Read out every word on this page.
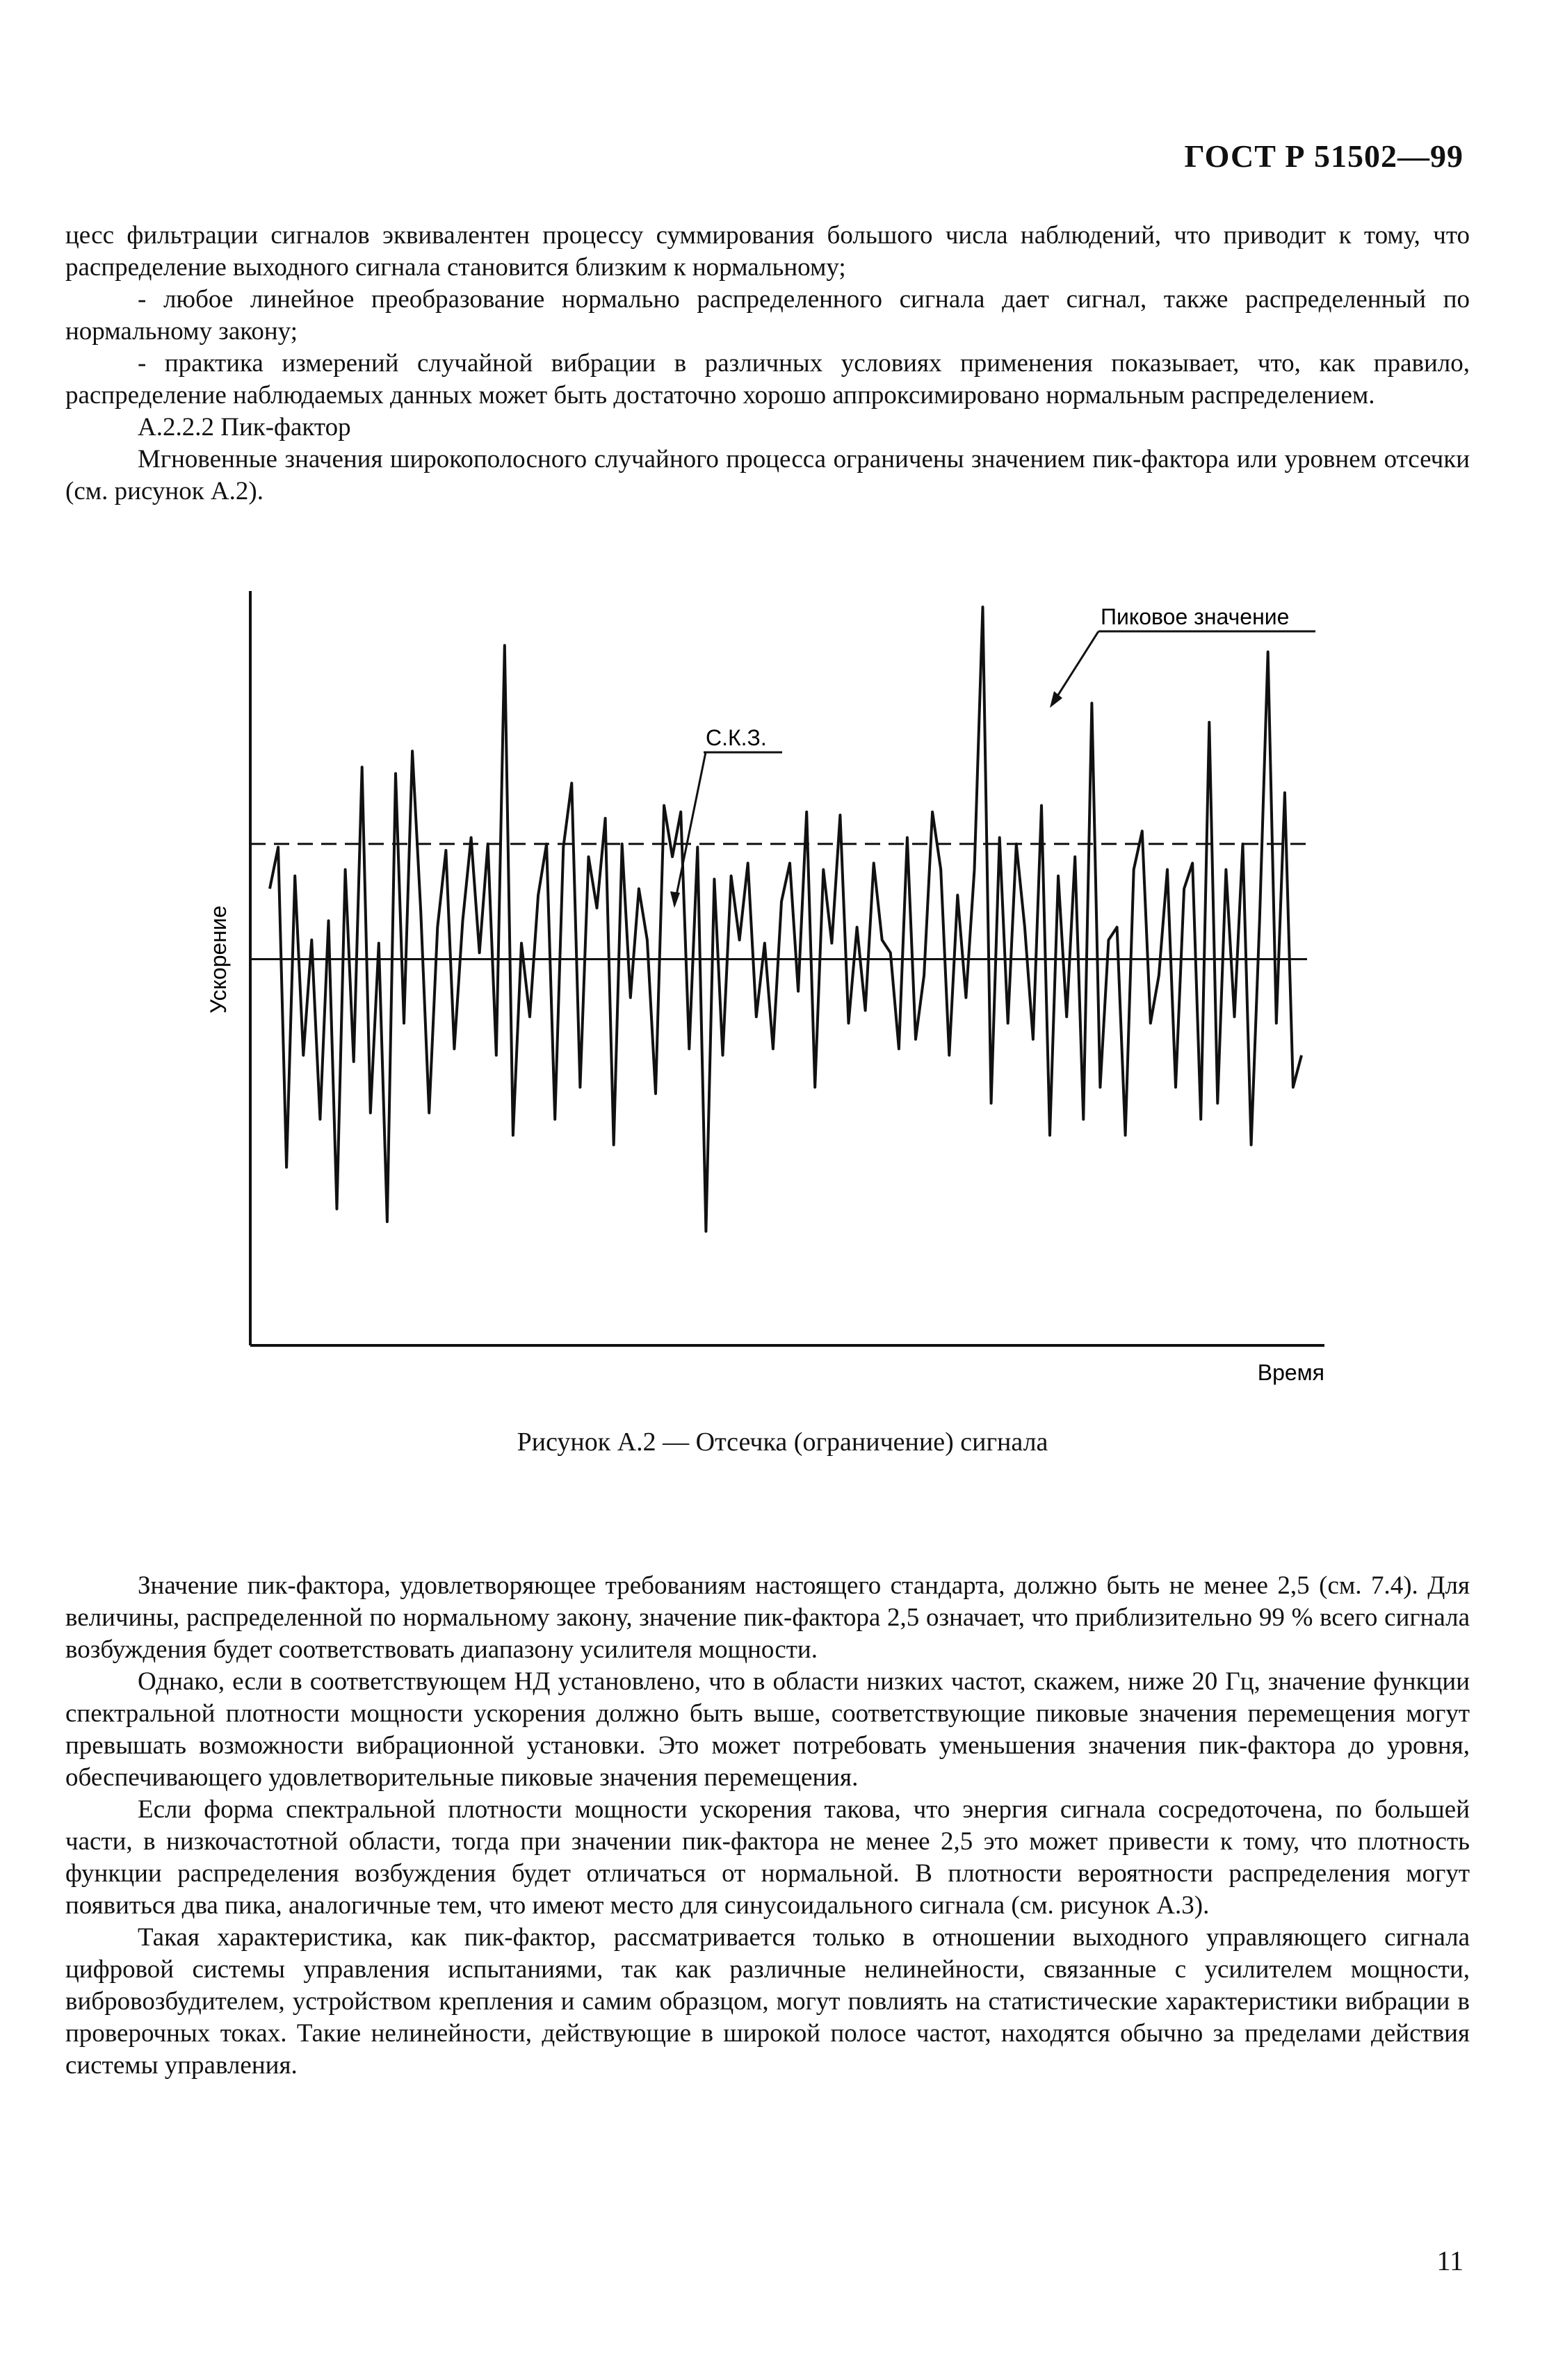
ГОСТ Р 51502—99

цесс фильтрации сигналов эквивалентен процессу суммирования большого числа наблюдений, что приводит к тому, что распределение выходного сигнала становится близким к нормальному;

- любое линейное преобразование нормально распределенного сигнала дает сигнал, также распределенный по нормальному закону;

- практика измерений случайной вибрации в различных условиях применения показывает, что, как правило, распределение наблюдаемых данных может быть достаточно хорошо аппроксимировано нормальным распределением.

А.2.2.2 Пик-фактор

Мгновенные значения широкополосного случайного процесса ограничены значением пик-фактора или уровнем отсечки (см. рисунок А.2).

Ускорение
Время
С.К.З.
Пиковое значение
Рисунок А.2 — Отсечка (ограничение) сигнала

Значение пик-фактора, удовлетворяющее требованиям настоящего стандарта, должно быть не менее 2,5 (см. 7.4). Для величины, распределенной по нормальному закону, значение пик-фактора 2,5 означает, что приблизительно 99 % всего сигнала возбуждения будет соответствовать диапазону усилителя мощности.

Однако, если в соответствующем НД установлено, что в области низких частот, скажем, ниже 20 Гц, значение функции спектральной плотности мощности ускорения должно быть выше, соответствующие пиковые значения перемещения могут превышать возможности вибрационной установки. Это может потребовать уменьшения значения пик-фактора до уровня, обеспечивающего удовлетворительные пиковые значения перемещения.

Если форма спектральной плотности мощности ускорения такова, что энергия сигнала сосредоточена, по большей части, в низкочастотной области, тогда при значении пик-фактора не менее 2,5 это может привести к тому, что плотность функции распределения возбуждения будет отличаться от нормальной. В плотности вероятности распределения могут появиться два пика, аналогичные тем, что имеют место для синусоидального сигнала (см. рисунок А.3).

Такая характеристика, как пик-фактор, рассматривается только в отношении выходного управляющего сигнала цифровой системы управления испытаниями, так как различные нелинейности, связанные с усилителем мощности, вибровозбудителем, устройством крепления и самим образцом, могут повлиять на статистические характеристики вибрации в проверочных токах. Такие нелинейности, действующие в широкой полосе частот, находятся обычно за пределами действия системы управления.

11
